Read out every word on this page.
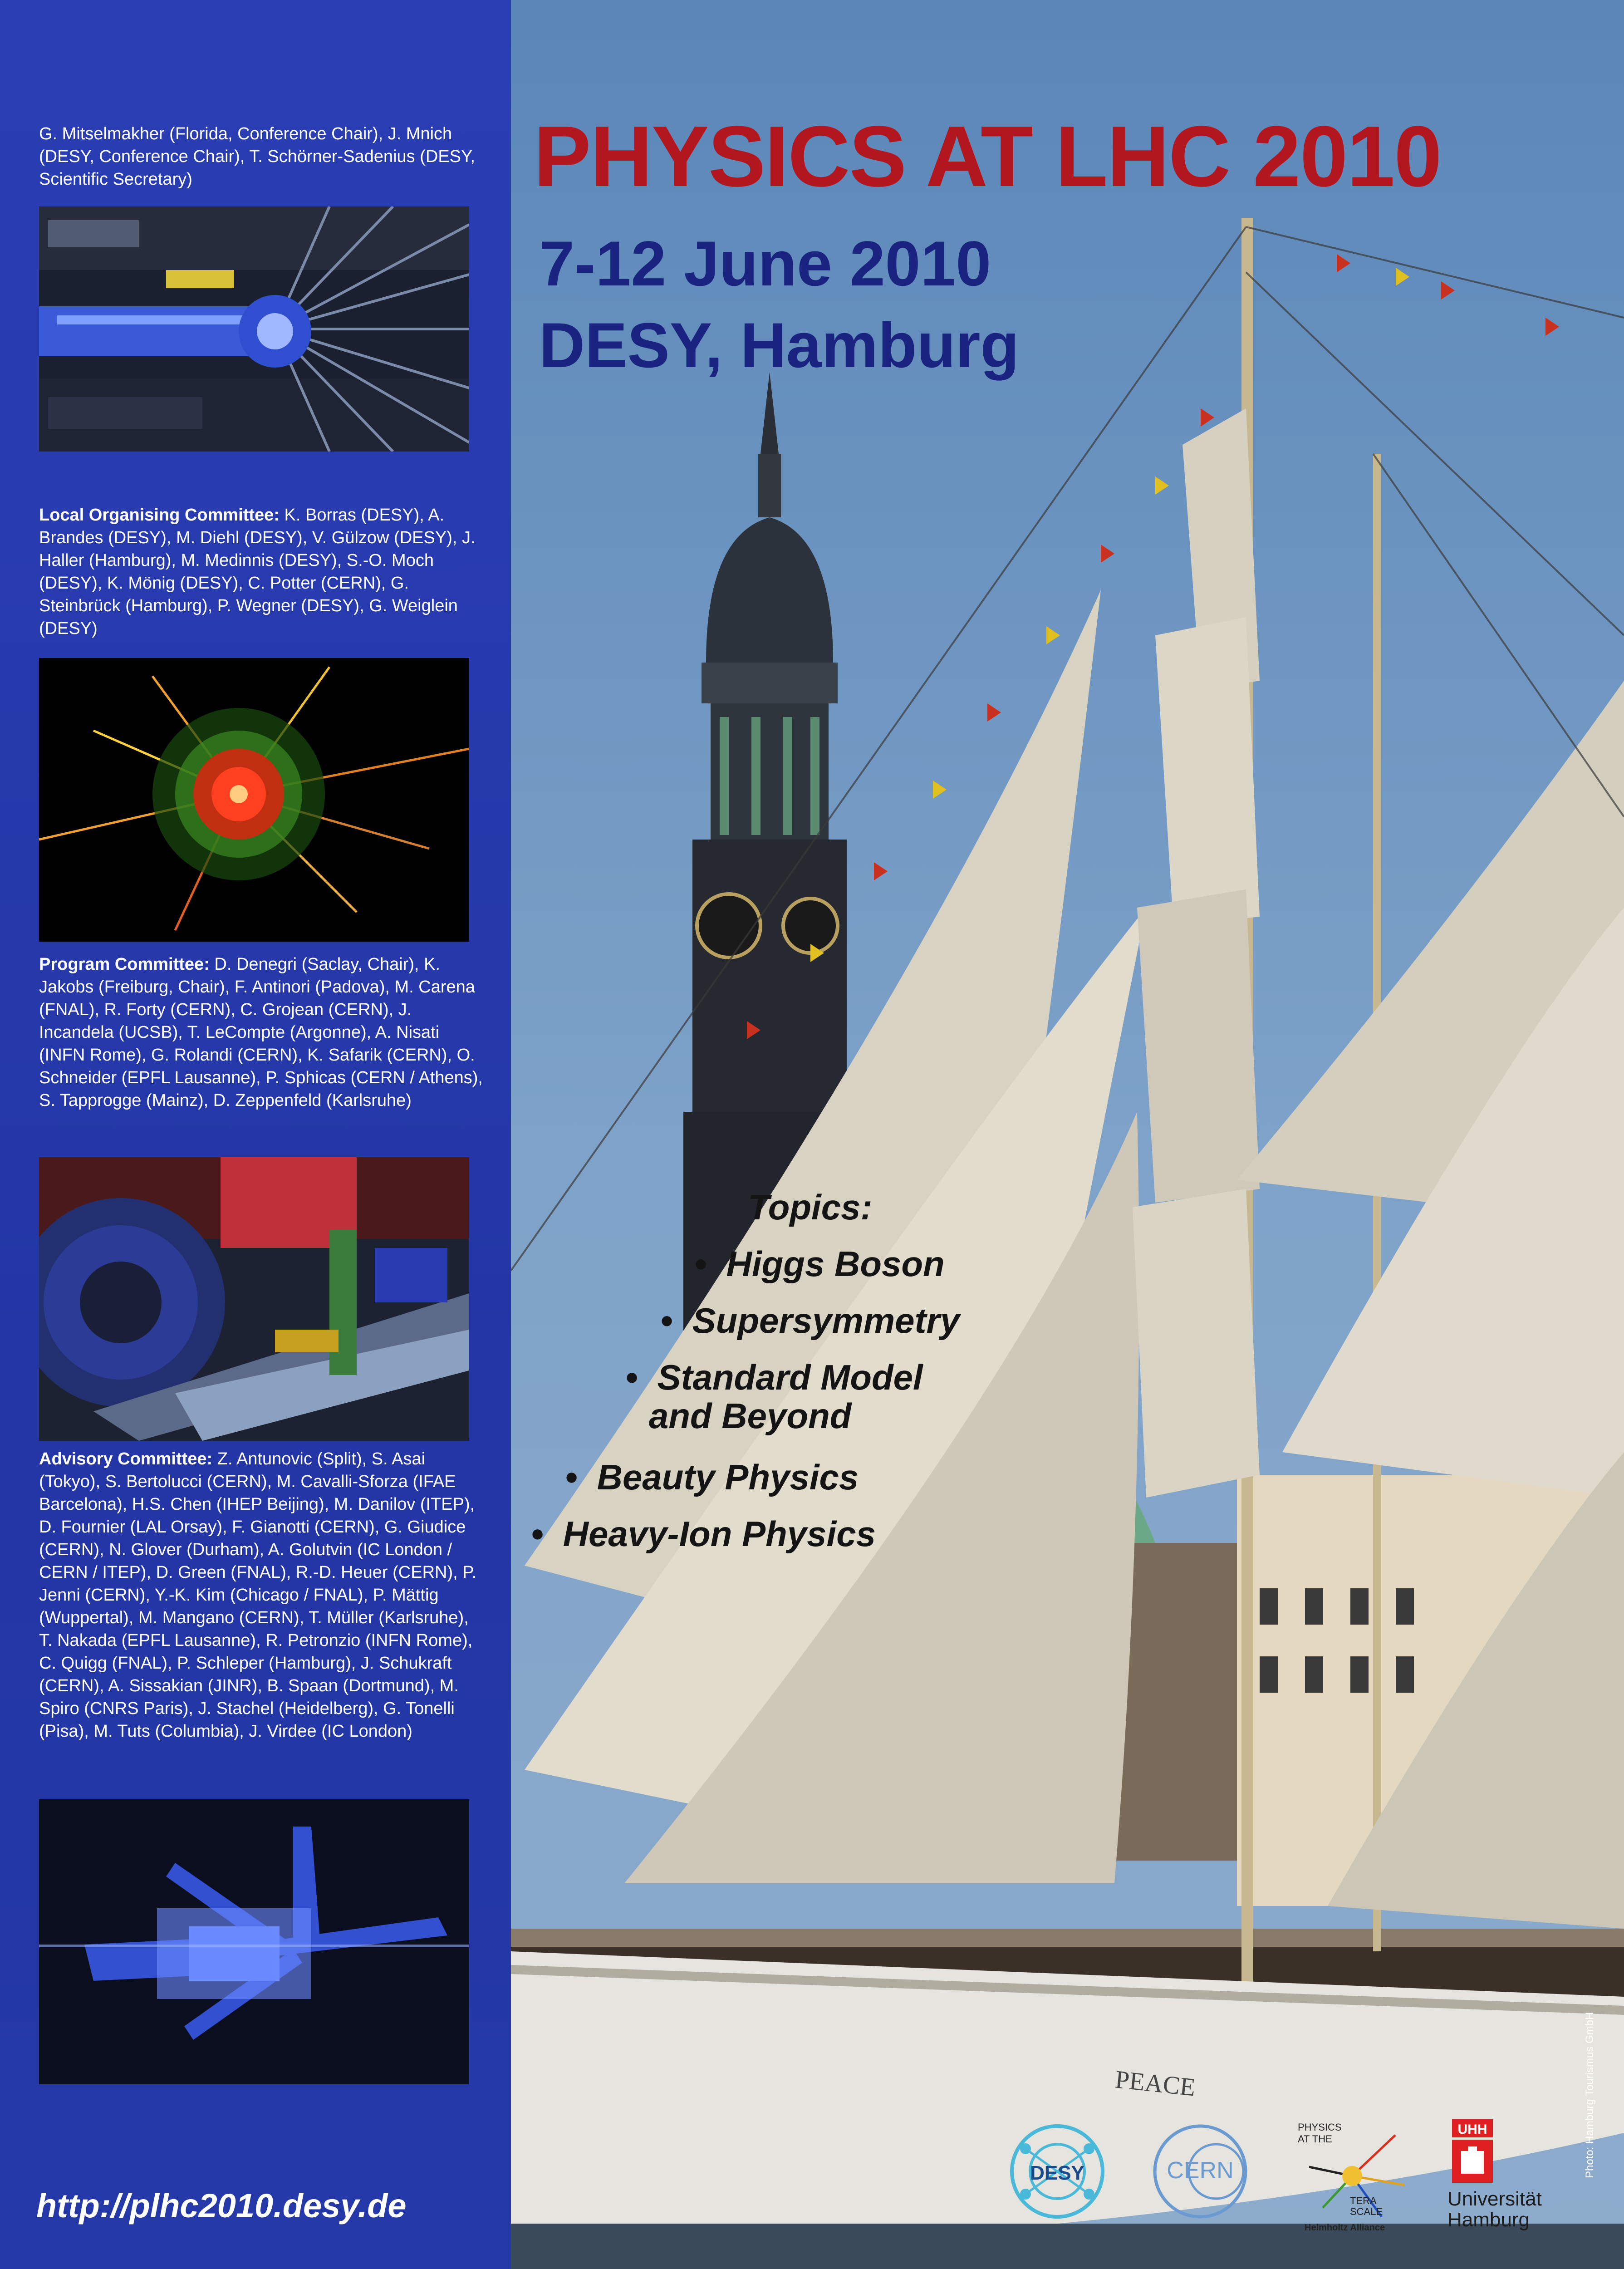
G. Mitselmakher (Florida, Conference Chair), J. Mnich (DESY, Conference Chair), T. Schörner-Sadenius (DESY, Scientific Secretary)
Local Organising Committee: K. Borras (DESY), A. Brandes (DESY), M. Diehl (DESY), V. Gülzow (DESY), J. Haller (Hamburg), M. Medinnis (DESY), S.-O. Moch (DESY), K. Mönig (DESY), C. Potter (CERN), G. Steinbrück (Hamburg), P. Wegner (DESY), G. Weiglein (DESY)
Program Committee: D. Denegri (Saclay, Chair), K. Jakobs (Freiburg, Chair), F. Antinori (Padova), M. Carena (FNAL), R. Forty (CERN), C. Grojean (CERN), J. Incandela (UCSB), T. LeCompte (Argonne), A. Nisati (INFN Rome), G. Rolandi (CERN), K. Safarik (CERN), O. Schneider (EPFL Lausanne), P. Sphicas (CERN / Athens), S. Tapprogge (Mainz), D. Zeppenfeld (Karlsruhe)
Advisory Committee: Z. Antunovic (Split), S. Asai (Tokyo), S. Bertolucci (CERN), M. Cavalli-Sforza (IFAE Barcelona), H.S. Chen (IHEP Beijing), M. Danilov (ITEP), D. Fournier (LAL Orsay), F. Gianotti (CERN), G. Giudice (CERN), N. Glover (Durham), A. Golutvin (IC London / CERN / ITEP), D. Green (FNAL), R.-D. Heuer (CERN), P. Jenni (CERN), Y.-K. Kim (Chicago / FNAL), P. Mättig (Wuppertal), M. Mangano (CERN), T. Müller (Karlsruhe), T. Nakada (EPFL Lausanne), R. Petronzio (INFN Rome), C. Quigg (FNAL), P. Schleper (Hamburg), J. Schukraft (CERN), A. Sissakian (JINR), B. Spaan (Dortmund), M. Spiro (CNRS Paris), J. Stachel (Heidelberg), G. Tonelli (Pisa), M. Tuts (Columbia), J. Virdee (IC London)
http://plhc2010.desy.de
PEACE
PHYSICS AT LHC 2010
7-12 June 2010
DESY, Hamburg
Topics:
•  Higgs Boson
•  Supersymmetry
•  Standard Model
and Beyond
•  Beauty Physics
•  Heavy-Ion Physics
Photo: Hamburg Tourismus GmbH
DESY	CERN
PHYSICS
AT THE
TERA
SCALE
Helmholtz Alliance
UHH
Universität
Hamburg
